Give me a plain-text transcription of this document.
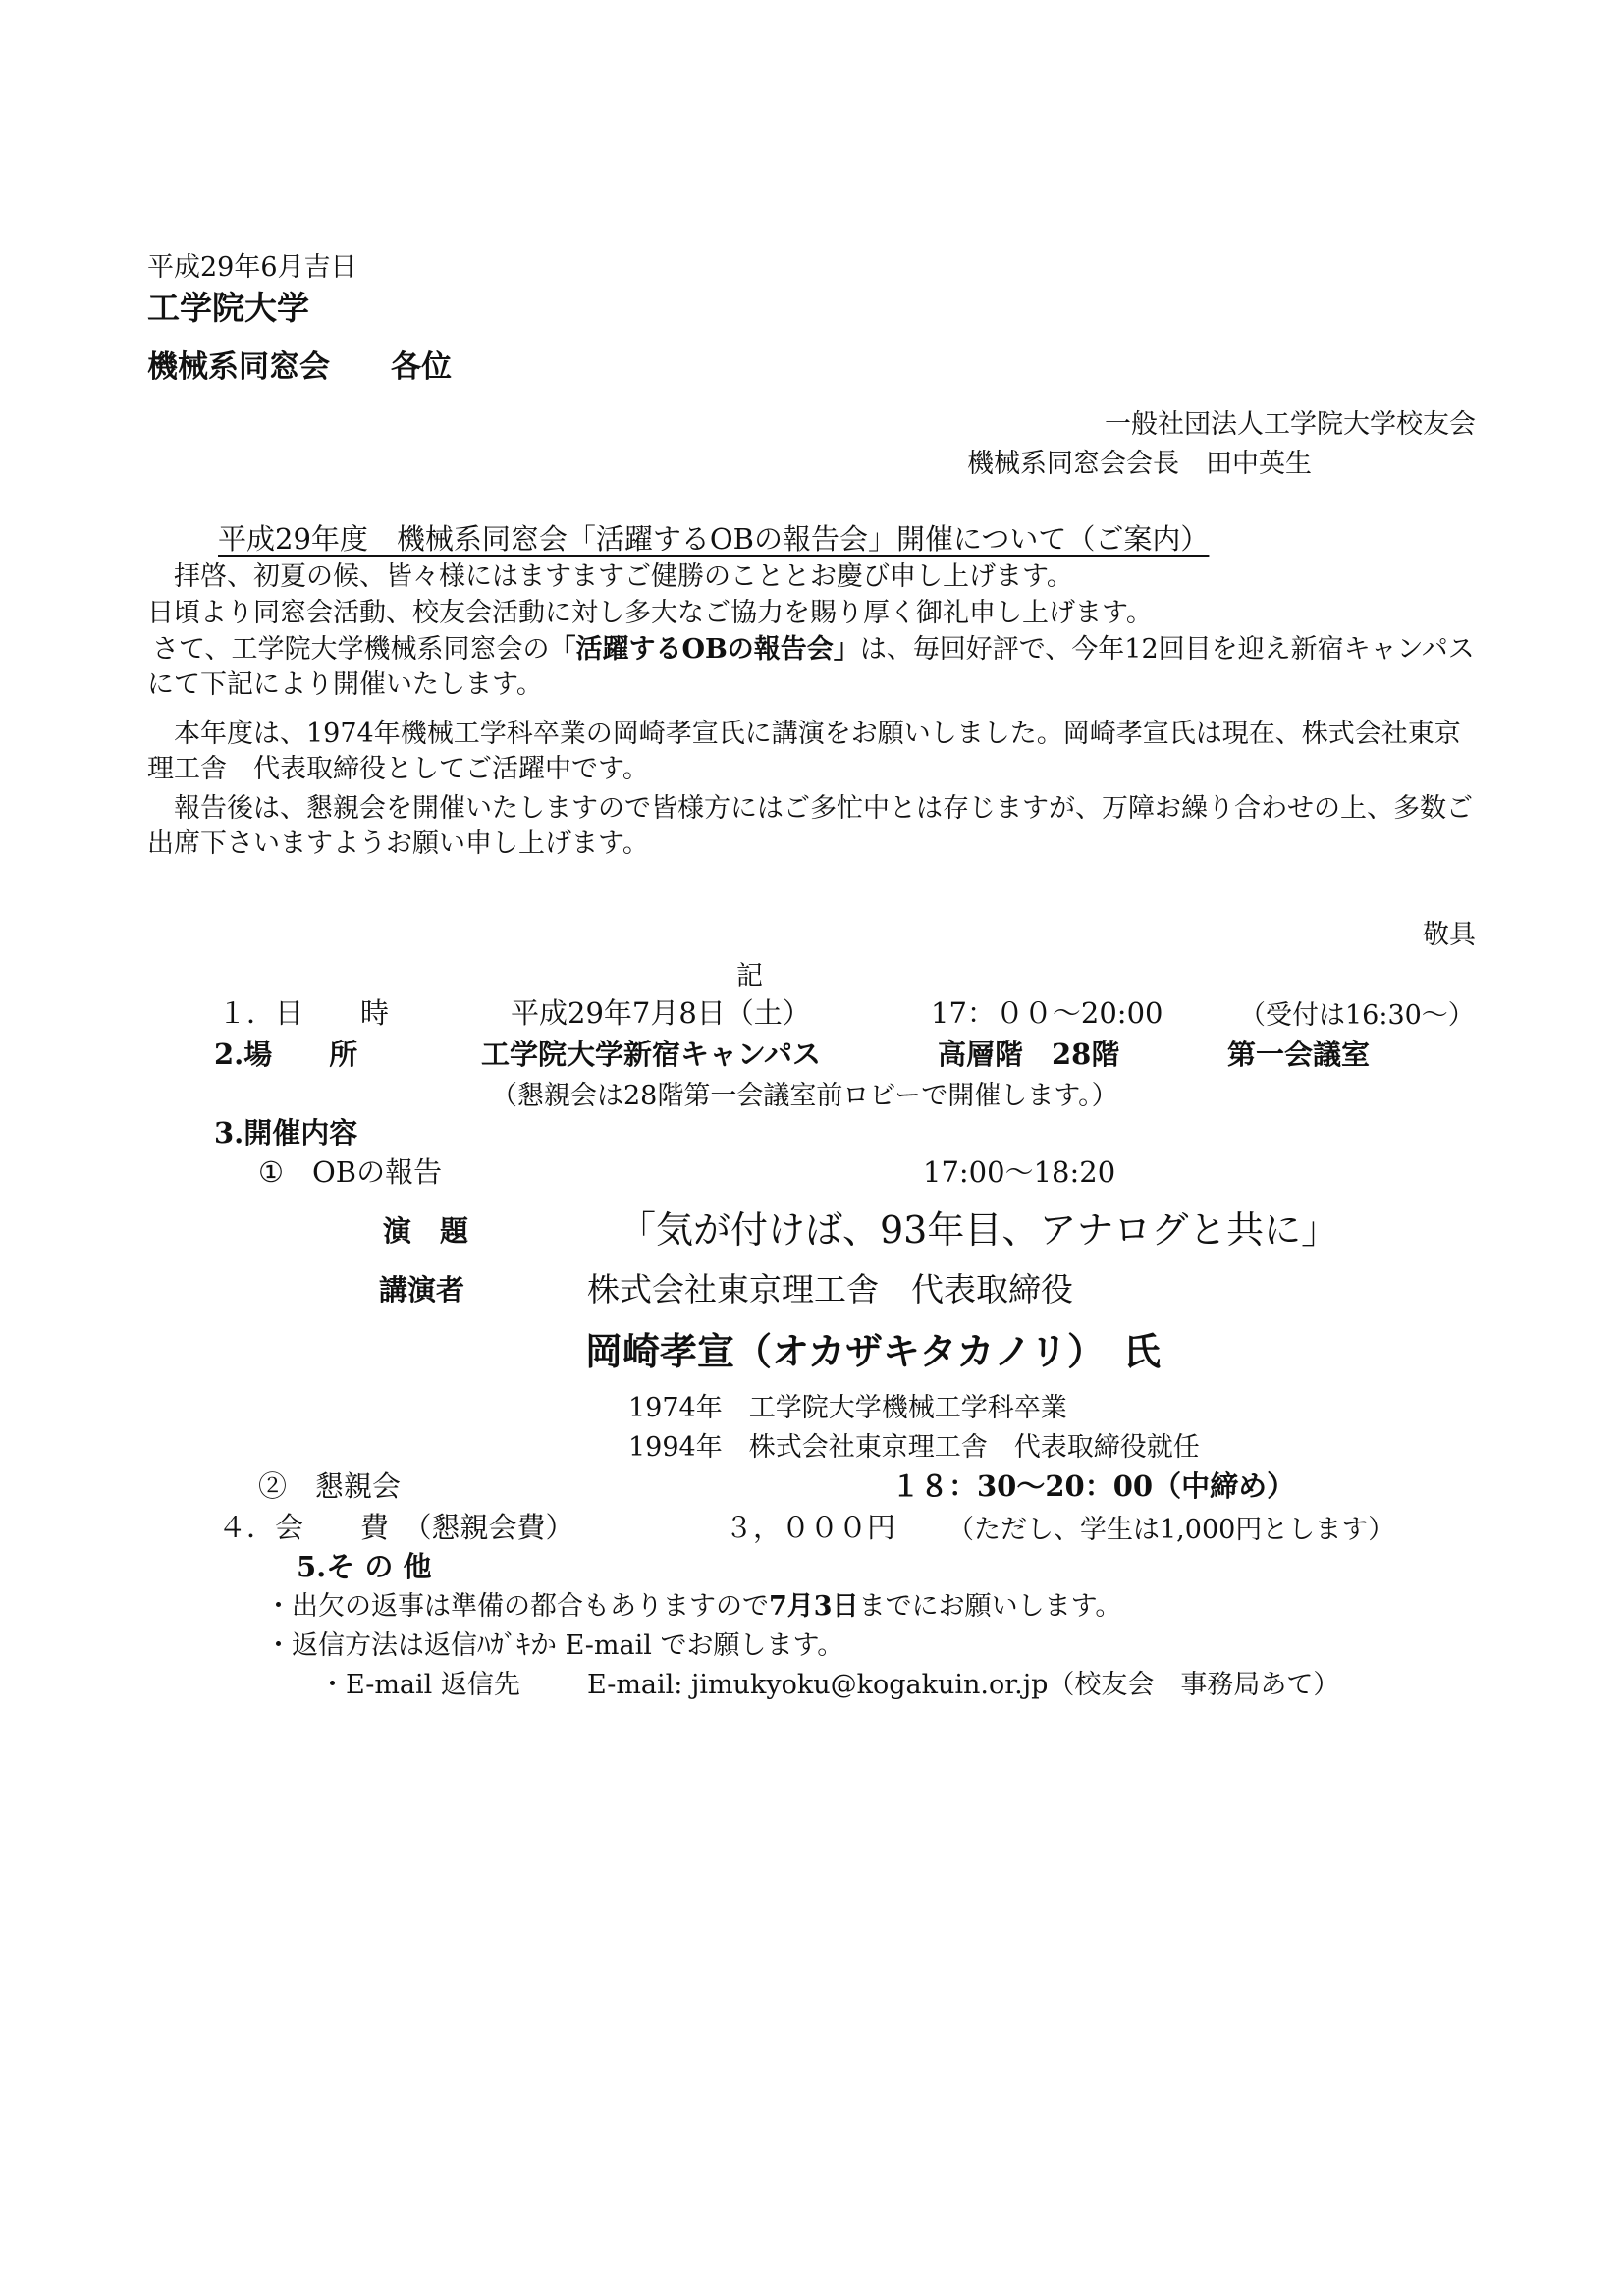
平成29年6月吉日
工学院大学
機械系同窓会　　各位
一般社団法人工学院大学校友会
機械系同窓会会長　田中英生
平成29年度　機械系同窓会「活躍するOBの報告会」開催について（ご案内）
拝啓、初夏の候、皆々様にはますますご健勝のこととお慶び申し上げます。
日頃より同窓会活動、校友会活動に対し多大なご協力を賜り厚く御礼申し上げます。
さて、工学院大学機械系同窓会の「活躍するOBの報告会」は、毎回好評で、今年12回目を迎え新宿キャンパスにて下記により開催いたします。
本年度は、1974年機械工学科卒業の岡崎孝宣氏に講演をお願いしました。岡崎孝宣氏は現在、株式会社東京理工舎　代表取締役としてご活躍中です。
報告後は、懇親会を開催いたしますので皆様方にはご多忙中とは存じますが、万障お繰り合わせの上、多数ご出席下さいますようお願い申し上げます。
敬具
記
１．日　　時	平成29年7月8日（土）	17：００～20:00	（受付は16:30～）
2.場　　所	工学院大学新宿キャンパス	高層階　28階	第一会議室
（懇親会は28階第一会議室前ロビーで開催します。）
3.開催内容
①　OBの報告	17:00～18:20
演　題	「気が付けば、93年目、アナログと共に」
講演者	株式会社東京理工舎　代表取締役
岡崎孝宣（オカザキタカノリ）　氏
1974年　工学院大学機械工学科卒業
1994年　株式会社東京理工舎　代表取締役就任
②　懇親会	１８：30～20：00（中締め）
４．会　　費　（懇親会費）	３，０００円 （ただし、学生は1,000円とします）
5.そ の 他
・出欠の返事は準備の都合もありますので7月3日までにお願いします。
・返信方法は返信ﾊｶﾞｷか E-mail でお願します。
・E-mail 返信先	E-mail: jimukyoku@kogakuin.or.jp（校友会　事務局あて）
